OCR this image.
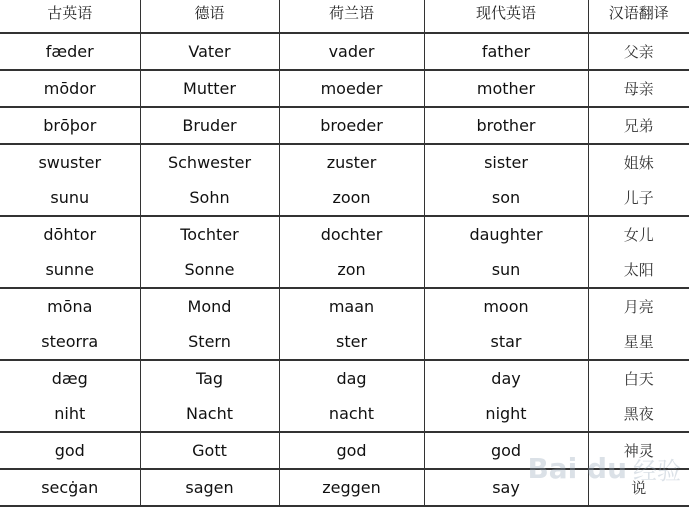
古英语	德语	荷兰语	现代英语	汉语翻译
fæder	Vater	vader	father	父亲
mōdor	Mutter	moeder	mother	母亲
brōþor	Bruder	broeder	brother	兄弟
swuster	Schwester	zuster	sister	姐妹
sunu	Sohn	zoon	son	儿子
dōhtor	Tochter	dochter	daughter	女儿
sunne	Sonne	zon	sun	太阳
mōna	Mond	maan	moon	月亮
steorra	Stern	ster	star	星星
dæg	Tag	dag	day	白天
niht	Nacht	nacht	night	黑夜
god	Gott	god	god	神灵
secġan	sagen	zeggen	say	说
Bai du 经验
